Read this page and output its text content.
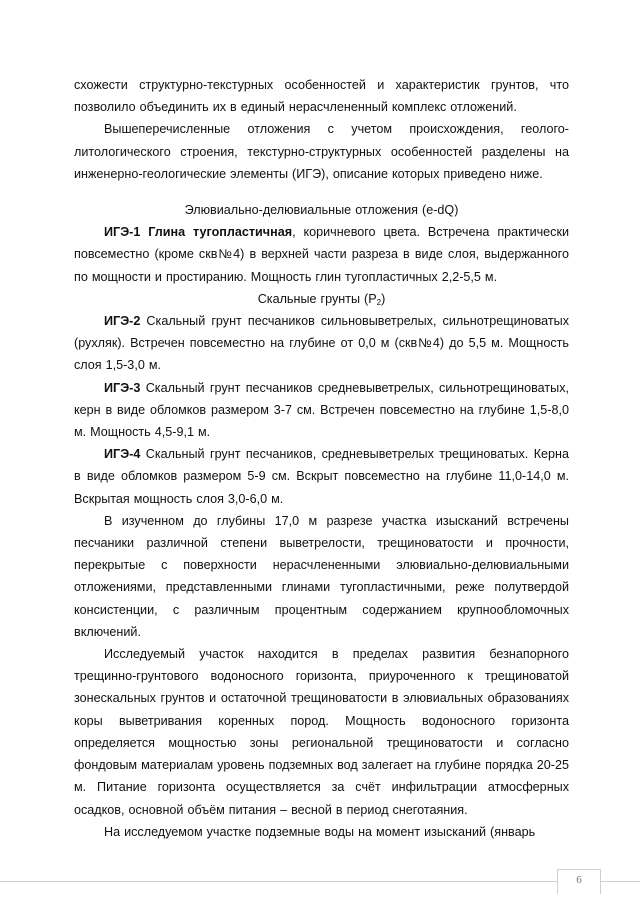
схожести структурно-текстурных особенностей и характеристик грунтов, что позволило объединить их в единый нерасчлененный комплекс отложений.

Вышеперечисленные отложения с учетом происхождения, геолого-литологического строения, текстурно-структурных особенностей разделены на инженерно-геологические элементы (ИГЭ), описание которых приведено ниже.

Элювиально-делювиальные отложения (e-dQ)

ИГЭ-1 Глина тугопластичная, коричневого цвета. Встречена практически повсеместно (кроме скв№4) в верхней части разреза в виде слоя, выдержанного по мощности и простиранию. Мощность глин тугопластичных 2,2-5,5 м.

Скальные грунты $(P_2)$

ИГЭ-2 Скальный грунт песчаников сильновыветрелых, сильнотрещиноватых (рухляк). Встречен повсеместно на глубине от 0,0 м (скв№4) до 5,5 м. Мощность слоя 1,5-3,0 м.

ИГЭ-3 Скальный грунт песчаников средневыветрелых, сильнотрещиноватых, керн в виде обломков размером 3-7 см. Встречен повсеместно на глубине 1,5-8,0 м. Мощность 4,5-9,1 м.

ИГЭ-4 Скальный грунт песчаников, средневыветрелых трещиноватых. Керна в виде обломков размером 5-9 см. Вскрыт повсеместно на глубине 11,0-14,0 м. Вскрытая мощность слоя 3,0-6,0 м.

В изученном до глубины 17,0 м разрезе участка изысканий встречены песчаники различной степени выветрелости, трещиноватости и прочности, перекрытые с поверхности нерасчлененными элювиально-делювиальными отложениями, представленными глинами тугопластичными, реже полутвердой консистенции, с различным процентным содержанием крупнообломочных включений.

Исследуемый участок находится в пределах развития безнапорного трещинно-грунтового водоносного горизонта, приуроченного к трещиноватой зонескальных грунтов и остаточной трещиноватости в элювиальных образованиях коры выветривания коренных пород. Мощность водоносного горизонта определяется мощностью зоны региональной трещиноватости и согласно фондовым материалам уровень подземных вод залегает на глубине порядка 20-25 м. Питание горизонта осуществляется за счёт инфильтрации атмосферных осадков, основной объём питания – весной в период снеготаяния.

На исследуемом участке подземные воды на момент изысканий (январь

6
